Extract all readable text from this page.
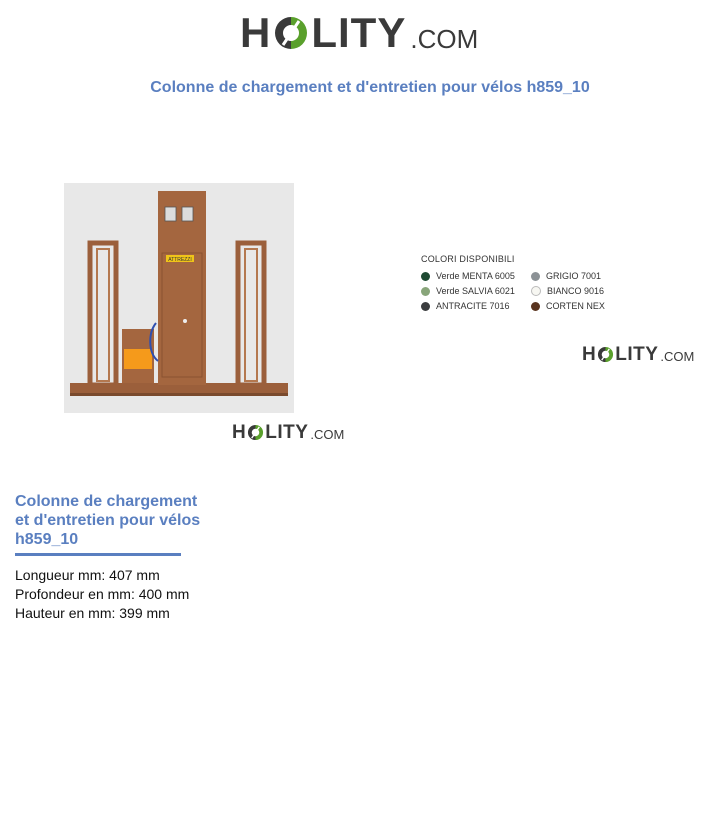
H LITY .COM
Colonne de chargement et d'entretien pour vélos h859_10
ATTREZZI
H LITY .COM
COLORI DISPONIBILI
Verde MENTA 6005	GRIGIO 7001
Verde SALVIA 6021	BIANCO 9016
ANTRACITE 7016	CORTEN NEX
H LITY .COM
Colonne de chargement et d'entretien pour vélos h859_10
Longueur mm: 407 mm
Profondeur en mm: 400 mm
Hauteur en mm: 399 mm
